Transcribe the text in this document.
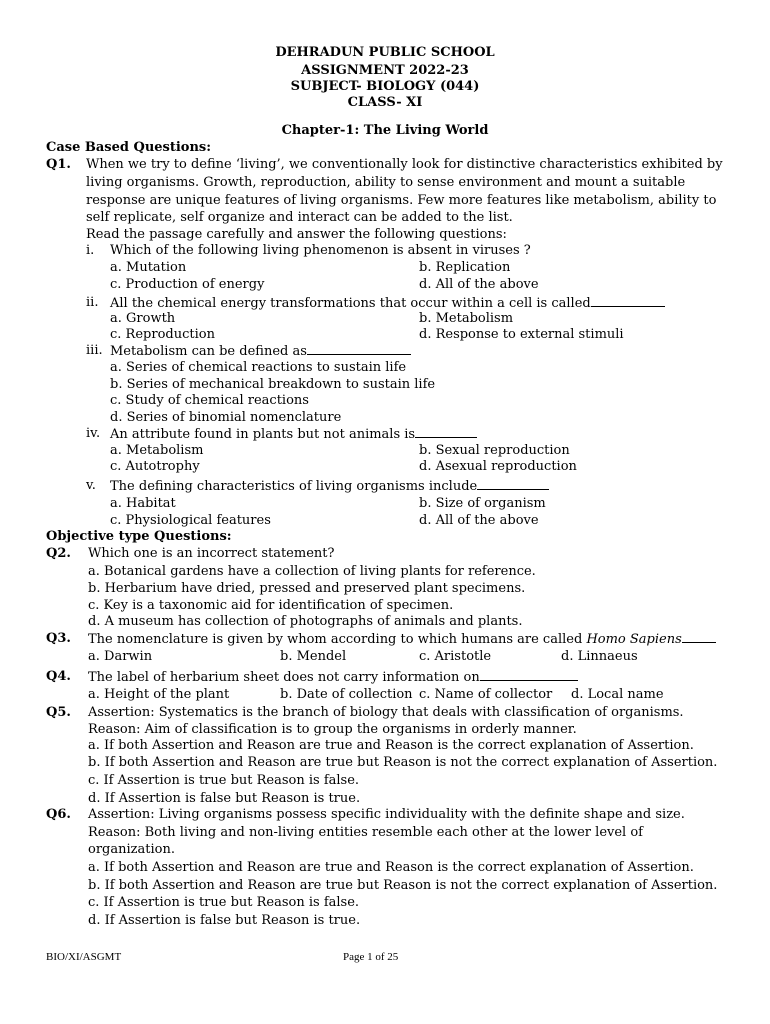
DEHRADUN PUBLIC SCHOOL
ASSIGNMENT 2022-23
SUBJECT- BIOLOGY (044)
CLASS- XI
Chapter-1: The Living World
Case Based Questions:
Q1. When we try to define ‘living’, we conventionally look for distinctive characteristics exhibited by
living organisms. Growth, reproduction, ability to sense environment and mount a suitable
response are unique features of living organisms. Few more features like metabolism, ability to
self replicate, self organize and interact can be added to the list.
Read the passage carefully and answer the following questions:
i. Which of the following living phenomenon is absent in viruses ?
a. Mutation	b. Replication
c. Production of energy	d. All of the above
ii. All the chemical energy transformations that occur within a cell is called
a. Growth	b. Metabolism
c. Reproduction	d. Response to external stimuli
iii. Metabolism can be defined as
a. Series of chemical reactions to sustain life
b. Series of mechanical breakdown to sustain life
c. Study of chemical reactions
d. Series of binomial nomenclature
iv. An attribute found in plants but not animals is
a. Metabolism	b. Sexual reproduction
c. Autotrophy	d. Asexual reproduction
v. The defining characteristics of living organisms include
a. Habitat	b. Size of organism
c. Physiological features	d. All of the above
Objective type Questions:
Q2. Which one is an incorrect statement?
a. Botanical gardens have a collection of living plants for reference.
b. Herbarium have dried, pressed and preserved plant specimens.
c. Key is a taxonomic aid for identification of specimen.
d. A museum has collection of photographs of animals and plants.
Q3. The nomenclature is given by whom according to which humans are called Homo Sapiens
a. Darwin	b. Mendel	c. Aristotle	d. Linnaeus
Q4. The label of herbarium sheet does not carry information on
a. Height of the plant	b. Date of collection c. Name of collector d. Local name
Q5. Assertion: Systematics is the branch of biology that deals with classification of organisms.
Reason: Aim of classification is to group the organisms in orderly manner.
a. If both Assertion and Reason are true and Reason is the correct explanation of Assertion.
b. If both Assertion and Reason are true but Reason is not the correct explanation of Assertion.
c. If Assertion is true but Reason is false.
d. If Assertion is false but Reason is true.
Q6. Assertion: Living organisms possess specific individuality with the definite shape and size.
Reason: Both living and non-living entities resemble each other at the lower level of
organization.
a. If both Assertion and Reason are true and Reason is the correct explanation of Assertion.
b. If both Assertion and Reason are true but Reason is not the correct explanation of Assertion.
c. If Assertion is true but Reason is false.
d. If Assertion is false but Reason is true.
BIO/XI/ASGMT	Page 1 of 25
